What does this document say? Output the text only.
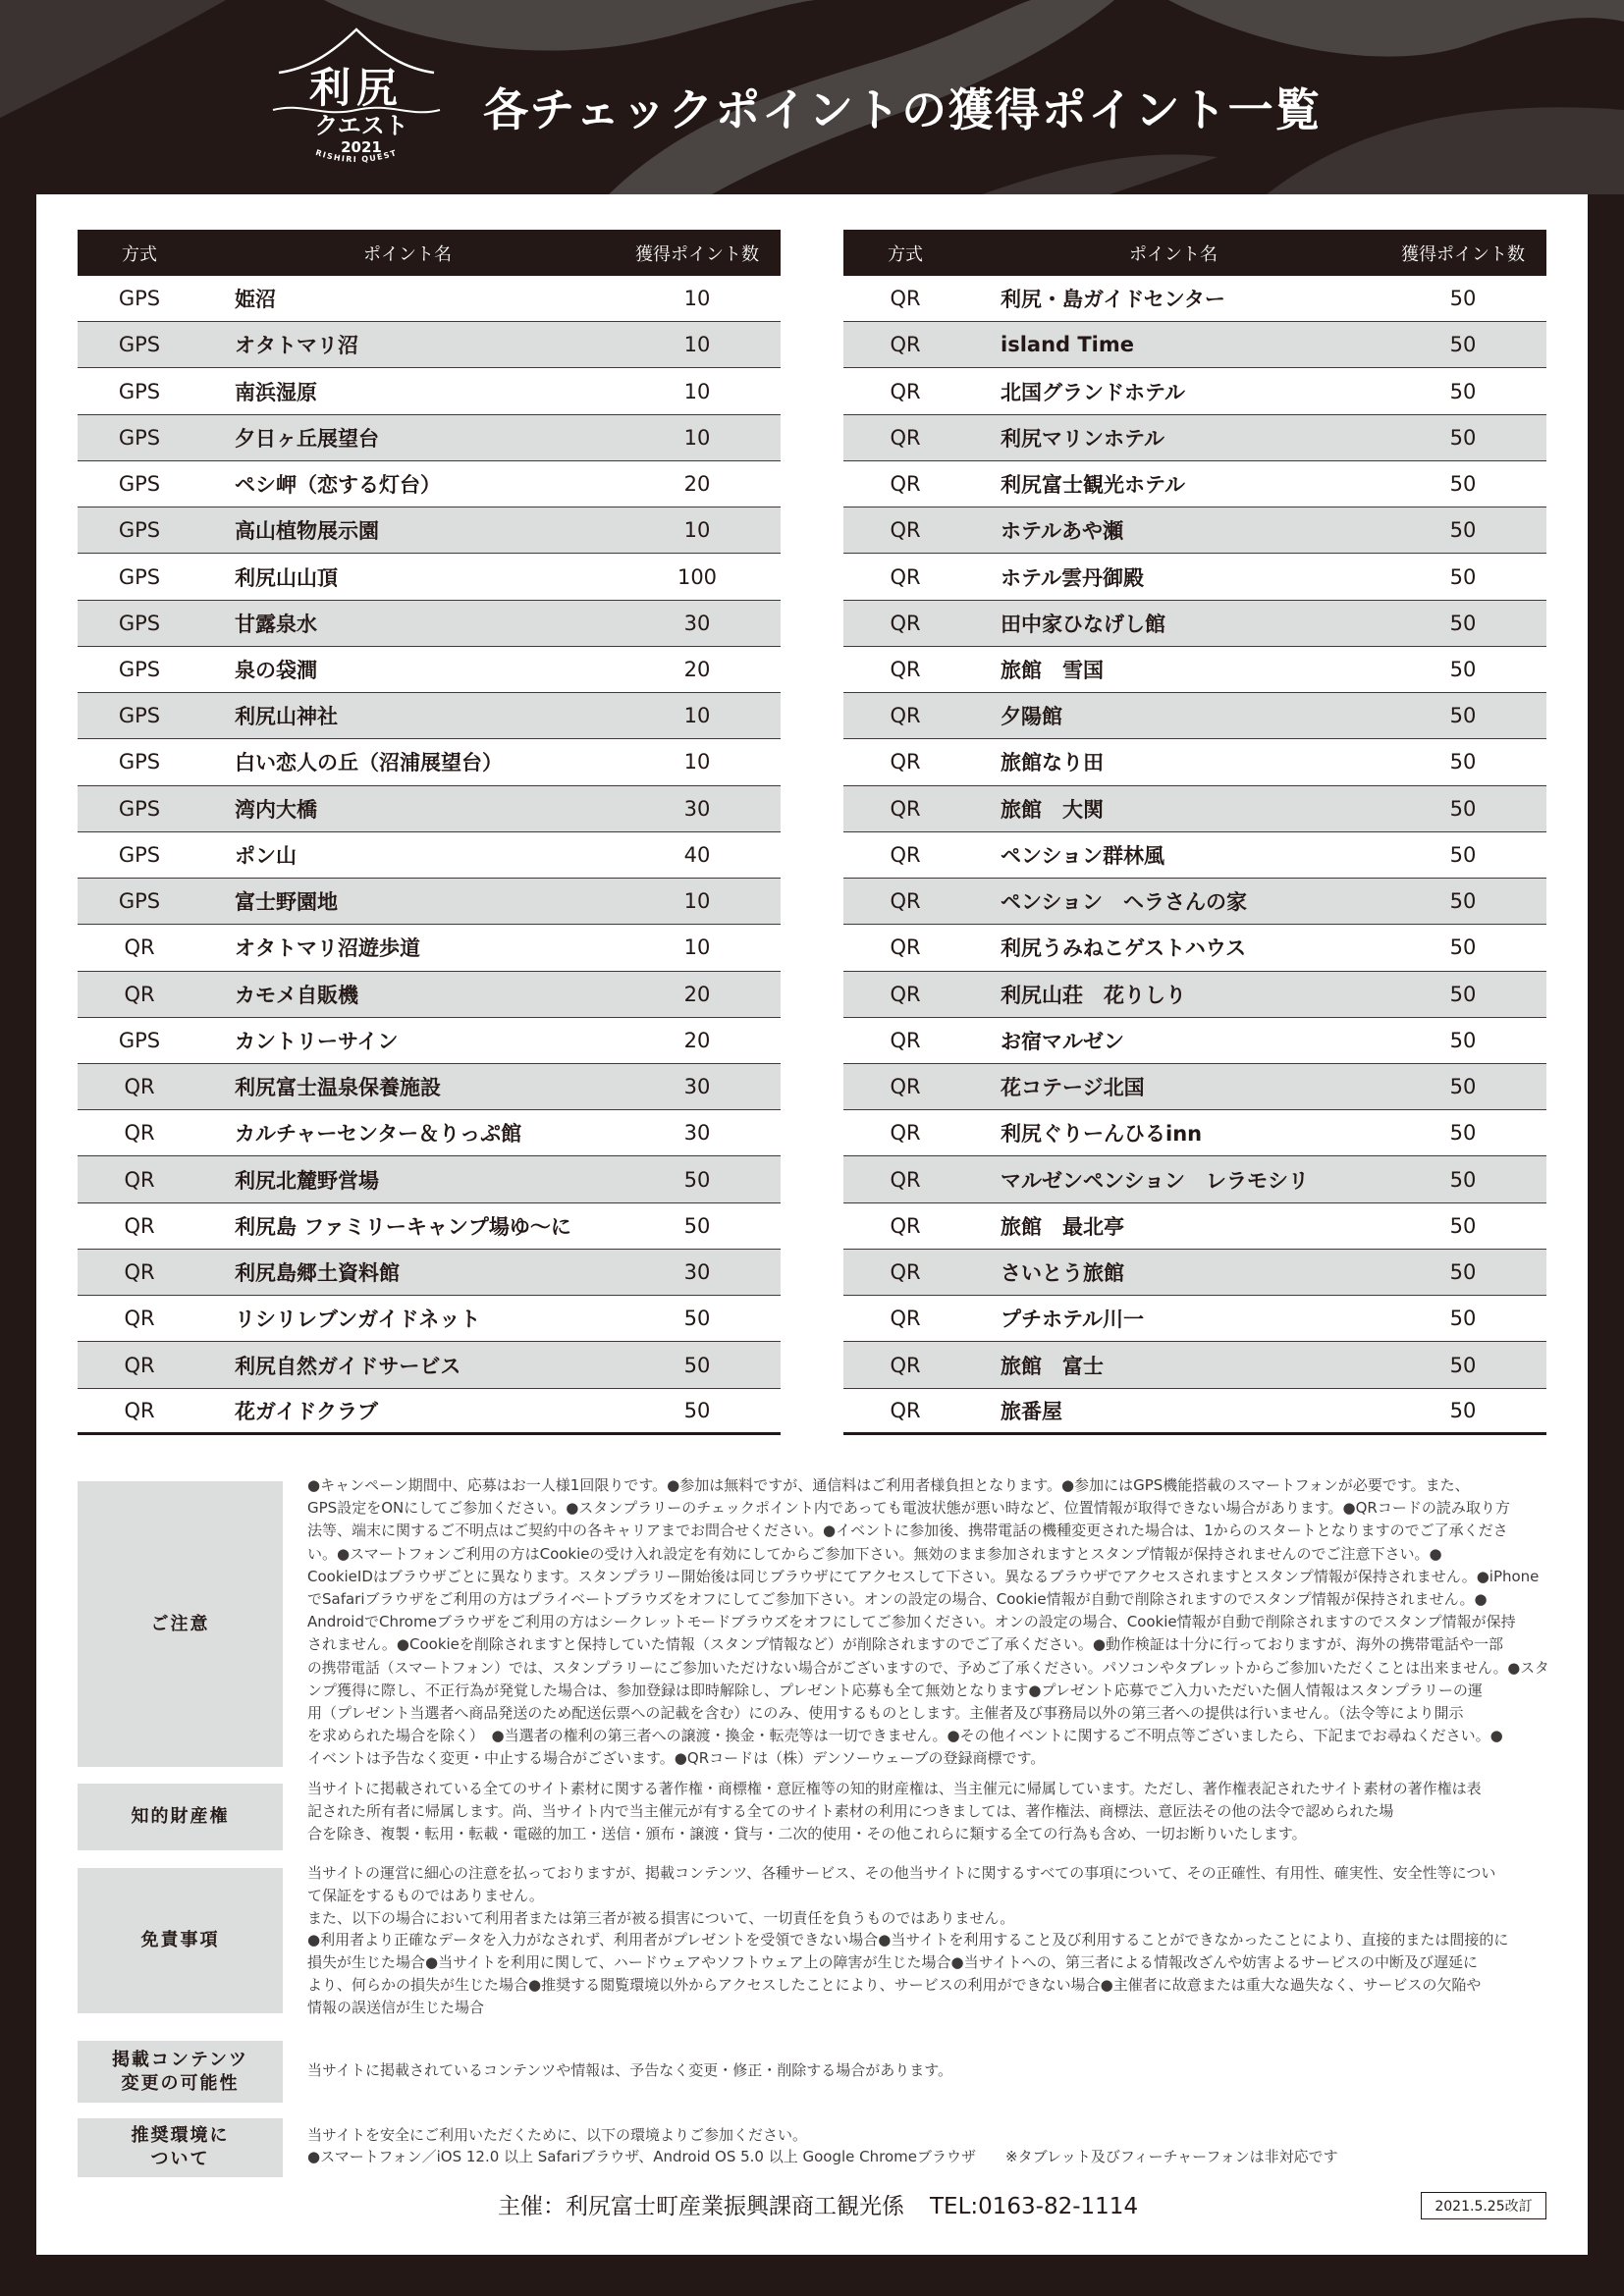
利尻
クエスト
2021
RISHIRI QUEST
各チェックポイントの獲得ポイント一覧
方式	ポイント名	獲得ポイント数
GPS	姫沼	10
GPS	オタトマリ沼	10
GPS	南浜湿原	10
GPS	夕日ヶ丘展望台	10
GPS	ペシ岬（恋する灯台）	20
GPS	高山植物展示園	10
GPS	利尻山山頂	100
GPS	甘露泉水	30
GPS	泉の袋澗	20
GPS	利尻山神社	10
GPS	白い恋人の丘（沼浦展望台）	10
GPS	湾内大橋	30
GPS	ポン山	40
GPS	富士野園地	10
QR	オタトマリ沼遊歩道	10
QR	カモメ自販機	20
GPS	カントリーサイン	20
QR	利尻富士温泉保養施設	30
QR	カルチャーセンター＆りっぷ館	30
QR	利尻北麓野営場	50
QR	利尻島 ファミリーキャンプ場ゆ～に	50
QR	利尻島郷土資料館	30
QR	リシリレブンガイドネット	50
QR	利尻自然ガイドサービス	50
QR	花ガイドクラブ	50
方式	ポイント名	獲得ポイント数
QR	利尻・島ガイドセンター	50
QR	island Time	50
QR	北国グランドホテル	50
QR	利尻マリンホテル	50
QR	利尻富士観光ホテル	50
QR	ホテルあや瀬	50
QR	ホテル雲丹御殿	50
QR	田中家ひなげし館	50
QR	旅館　雪国	50
QR	夕陽館	50
QR	旅館なり田	50
QR	旅館　大関	50
QR	ペンション群林風	50
QR	ペンション　ヘラさんの家	50
QR	利尻うみねこゲストハウス	50
QR	利尻山荘　花りしり	50
QR	お宿マルゼン	50
QR	花コテージ北国	50
QR	利尻ぐりーんひるinn	50
QR	マルゼンペンション　レラモシリ	50
QR	旅館　最北亭	50
QR	さいとう旅館	50
QR	プチホテル川一	50
QR	旅館　富士	50
QR	旅番屋	50
ご注意
●キャンペーン期間中、応募はお一人様1回限りです。●参加は無料ですが、通信料はご利用者様負担となります。●参加にはGPS機能搭載のスマートフォンが必要です。また、
GPS設定をONにしてご参加ください。●スタンプラリーのチェックポイント内であっても電波状態が悪い時など、位置情報が取得できない場合があります。●QRコードの読み取り方
法等、端末に関するご不明点はご契約中の各キャリアまでお問合せください。●イベントに参加後、携帯電話の機種変更された場合は、1からのスタートとなりますのでご了承くださ
い。●スマートフォンご利用の方はCookieの受け入れ設定を有効にしてからご参加下さい。無効のまま参加されますとスタンプ情報が保持されませんのでご注意下さい。●
CookieIDはブラウザごとに異なります。スタンプラリー開始後は同じブラウザにてアクセスして下さい。異なるブラウザでアクセスされますとスタンプ情報が保持されません。●iPhone
でSafariブラウザをご利用の方はプライベートブラウズをオフにしてご参加下さい。オンの設定の場合、Cookie情報が自動で削除されますのでスタンプ情報が保持されません。●
AndroidでChromeブラウザをご利用の方はシークレットモードブラウズをオフにしてご参加ください。オンの設定の場合、Cookie情報が自動で削除されますのでスタンプ情報が保持
されません。●Cookieを削除されますと保持していた情報（スタンプ情報など）が削除されますのでご了承ください。●動作検証は十分に行っておりますが、海外の携帯電話や一部
の携帯電話（スマートフォン）では、スタンプラリーにご参加いただけない場合がございますので、予めご了承ください。パソコンやタブレットからご参加いただくことは出来ません。●スタ
ンプ獲得に際し、不正行為が発覚した場合は、参加登録は即時解除し、プレゼント応募も全て無効となります●プレゼント応募でご入力いただいた個人情報はスタンプラリーの運
用（プレゼント当選者へ商品発送のため配送伝票への記載を含む）にのみ、使用するものとします。主催者及び事務局以外の第三者への提供は行いません。（法令等により開示
を求められた場合を除く）　●当選者の権利の第三者への譲渡・換金・転売等は一切できません。●その他イベントに関するご不明点等ございましたら、下記までお尋ねください。●
イベントは予告なく変更・中止する場合がございます。●QRコードは（株）デンソーウェーブの登録商標です。
知的財産権
当サイトに掲載されている全てのサイト素材に関する著作権・商標権・意匠権等の知的財産権は、当主催元に帰属しています。ただし、著作権表記されたサイト素材の著作権は表
記された所有者に帰属します。尚、当サイト内で当主催元が有する全てのサイト素材の利用につきましては、著作権法、商標法、意匠法その他の法令で認められた場
合を除き、複製・転用・転載・電磁的加工・送信・頒布・譲渡・貸与・二次的使用・その他これらに類する全ての行為も含め、一切お断りいたします。
免責事項
当サイトの運営に細心の注意を払っておりますが、掲載コンテンツ、各種サービス、その他当サイトに関するすべての事項について、その正確性、有用性、確実性、安全性等につい
て保証をするものではありません。
また、以下の場合において利用者または第三者が被る損害について、一切責任を負うものではありません。
●利用者より正確なデータを入力がなされず、利用者がプレゼントを受領できない場合●当サイトを利用すること及び利用することができなかったことにより、直接的または間接的に
損失が生じた場合●当サイトを利用に関して、ハードウェアやソフトウェア上の障害が生じた場合●当サイトへの、第三者による情報改ざんや妨害よるサービスの中断及び遅延に
より、何らかの損失が生じた場合●推奨する閲覧環境以外からアクセスしたことにより、サービスの利用ができない場合●主催者に故意または重大な過失なく、サービスの欠陥や
情報の誤送信が生じた場合
掲載コンテンツ
変更の可能性
当サイトに掲載されているコンテンツや情報は、予告なく変更・修正・削除する場合があります。
推奨環境に
ついて
当サイトを安全にご利用いただくために、以下の環境よりご参加ください。
●スマートフォン／iOS 12.0 以上 Safariブラウザ、Android OS 5.0 以上 Google Chromeブラウザ　　※タブレット及びフィーチャーフォンは非対応です
主催：利尻富士町産業振興課商工観光係 TEL:0163-82-1114	2021.5.25改訂
